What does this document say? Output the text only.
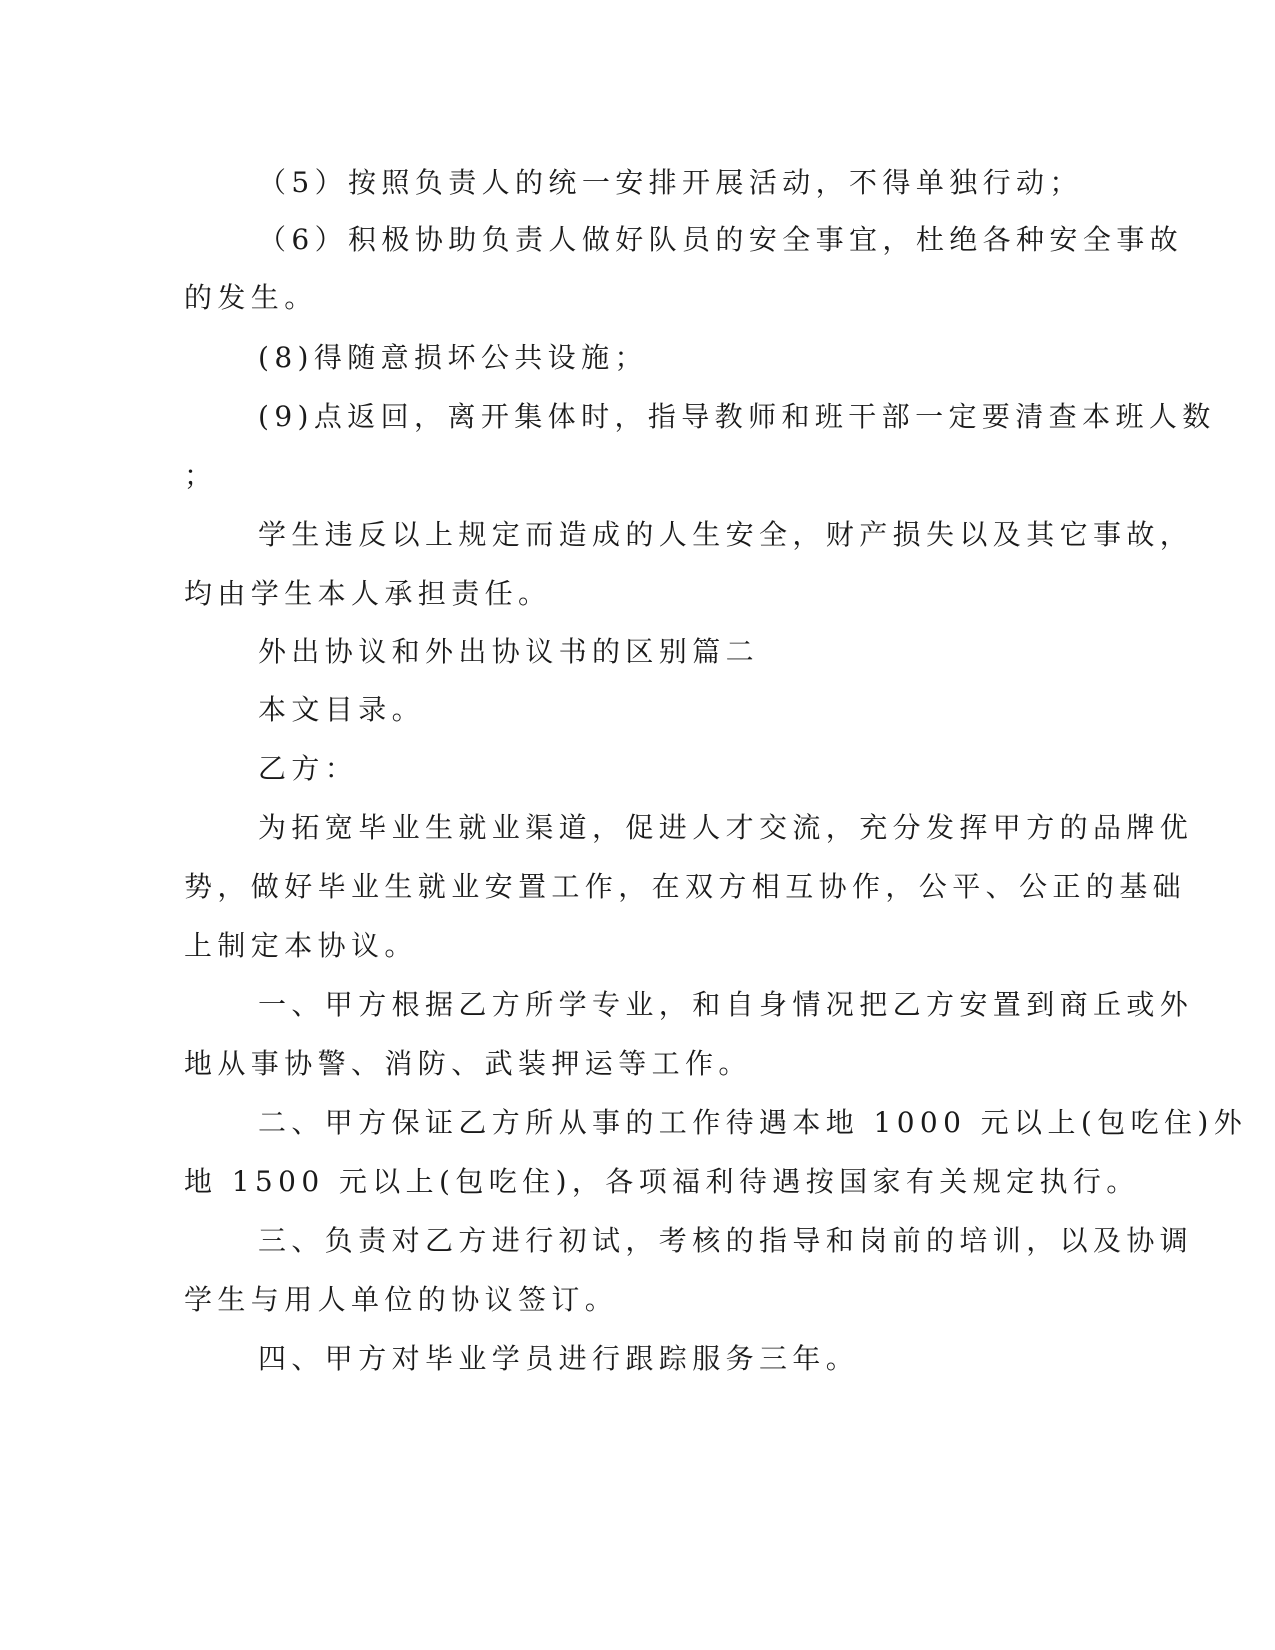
（5）按照负责人的统一安排开展活动，不得单独行动；
（6）积极协助负责人做好队员的安全事宜，杜绝各种安全事故
的发生。
(8)得随意损坏公共设施；
(9)点返回，离开集体时，指导教师和班干部一定要清查本班人数
；
学生违反以上规定而造成的人生安全，财产损失以及其它事故，
均由学生本人承担责任。
外出协议和外出协议书的区别篇二
本文目录。
乙方：
为拓宽毕业生就业渠道，促进人才交流，充分发挥甲方的品牌优
势，做好毕业生就业安置工作，在双方相互协作，公平、公正的基础
上制定本协议。
一、甲方根据乙方所学专业，和自身情况把乙方安置到商丘或外
地从事协警、消防、武装押运等工作。
二、甲方保证乙方所从事的工作待遇本地 1000 元以上(包吃住)外
地 1500 元以上(包吃住)，各项福利待遇按国家有关规定执行。
三、负责对乙方进行初试，考核的指导和岗前的培训，以及协调
学生与用人单位的协议签订。
四、甲方对毕业学员进行跟踪服务三年。
